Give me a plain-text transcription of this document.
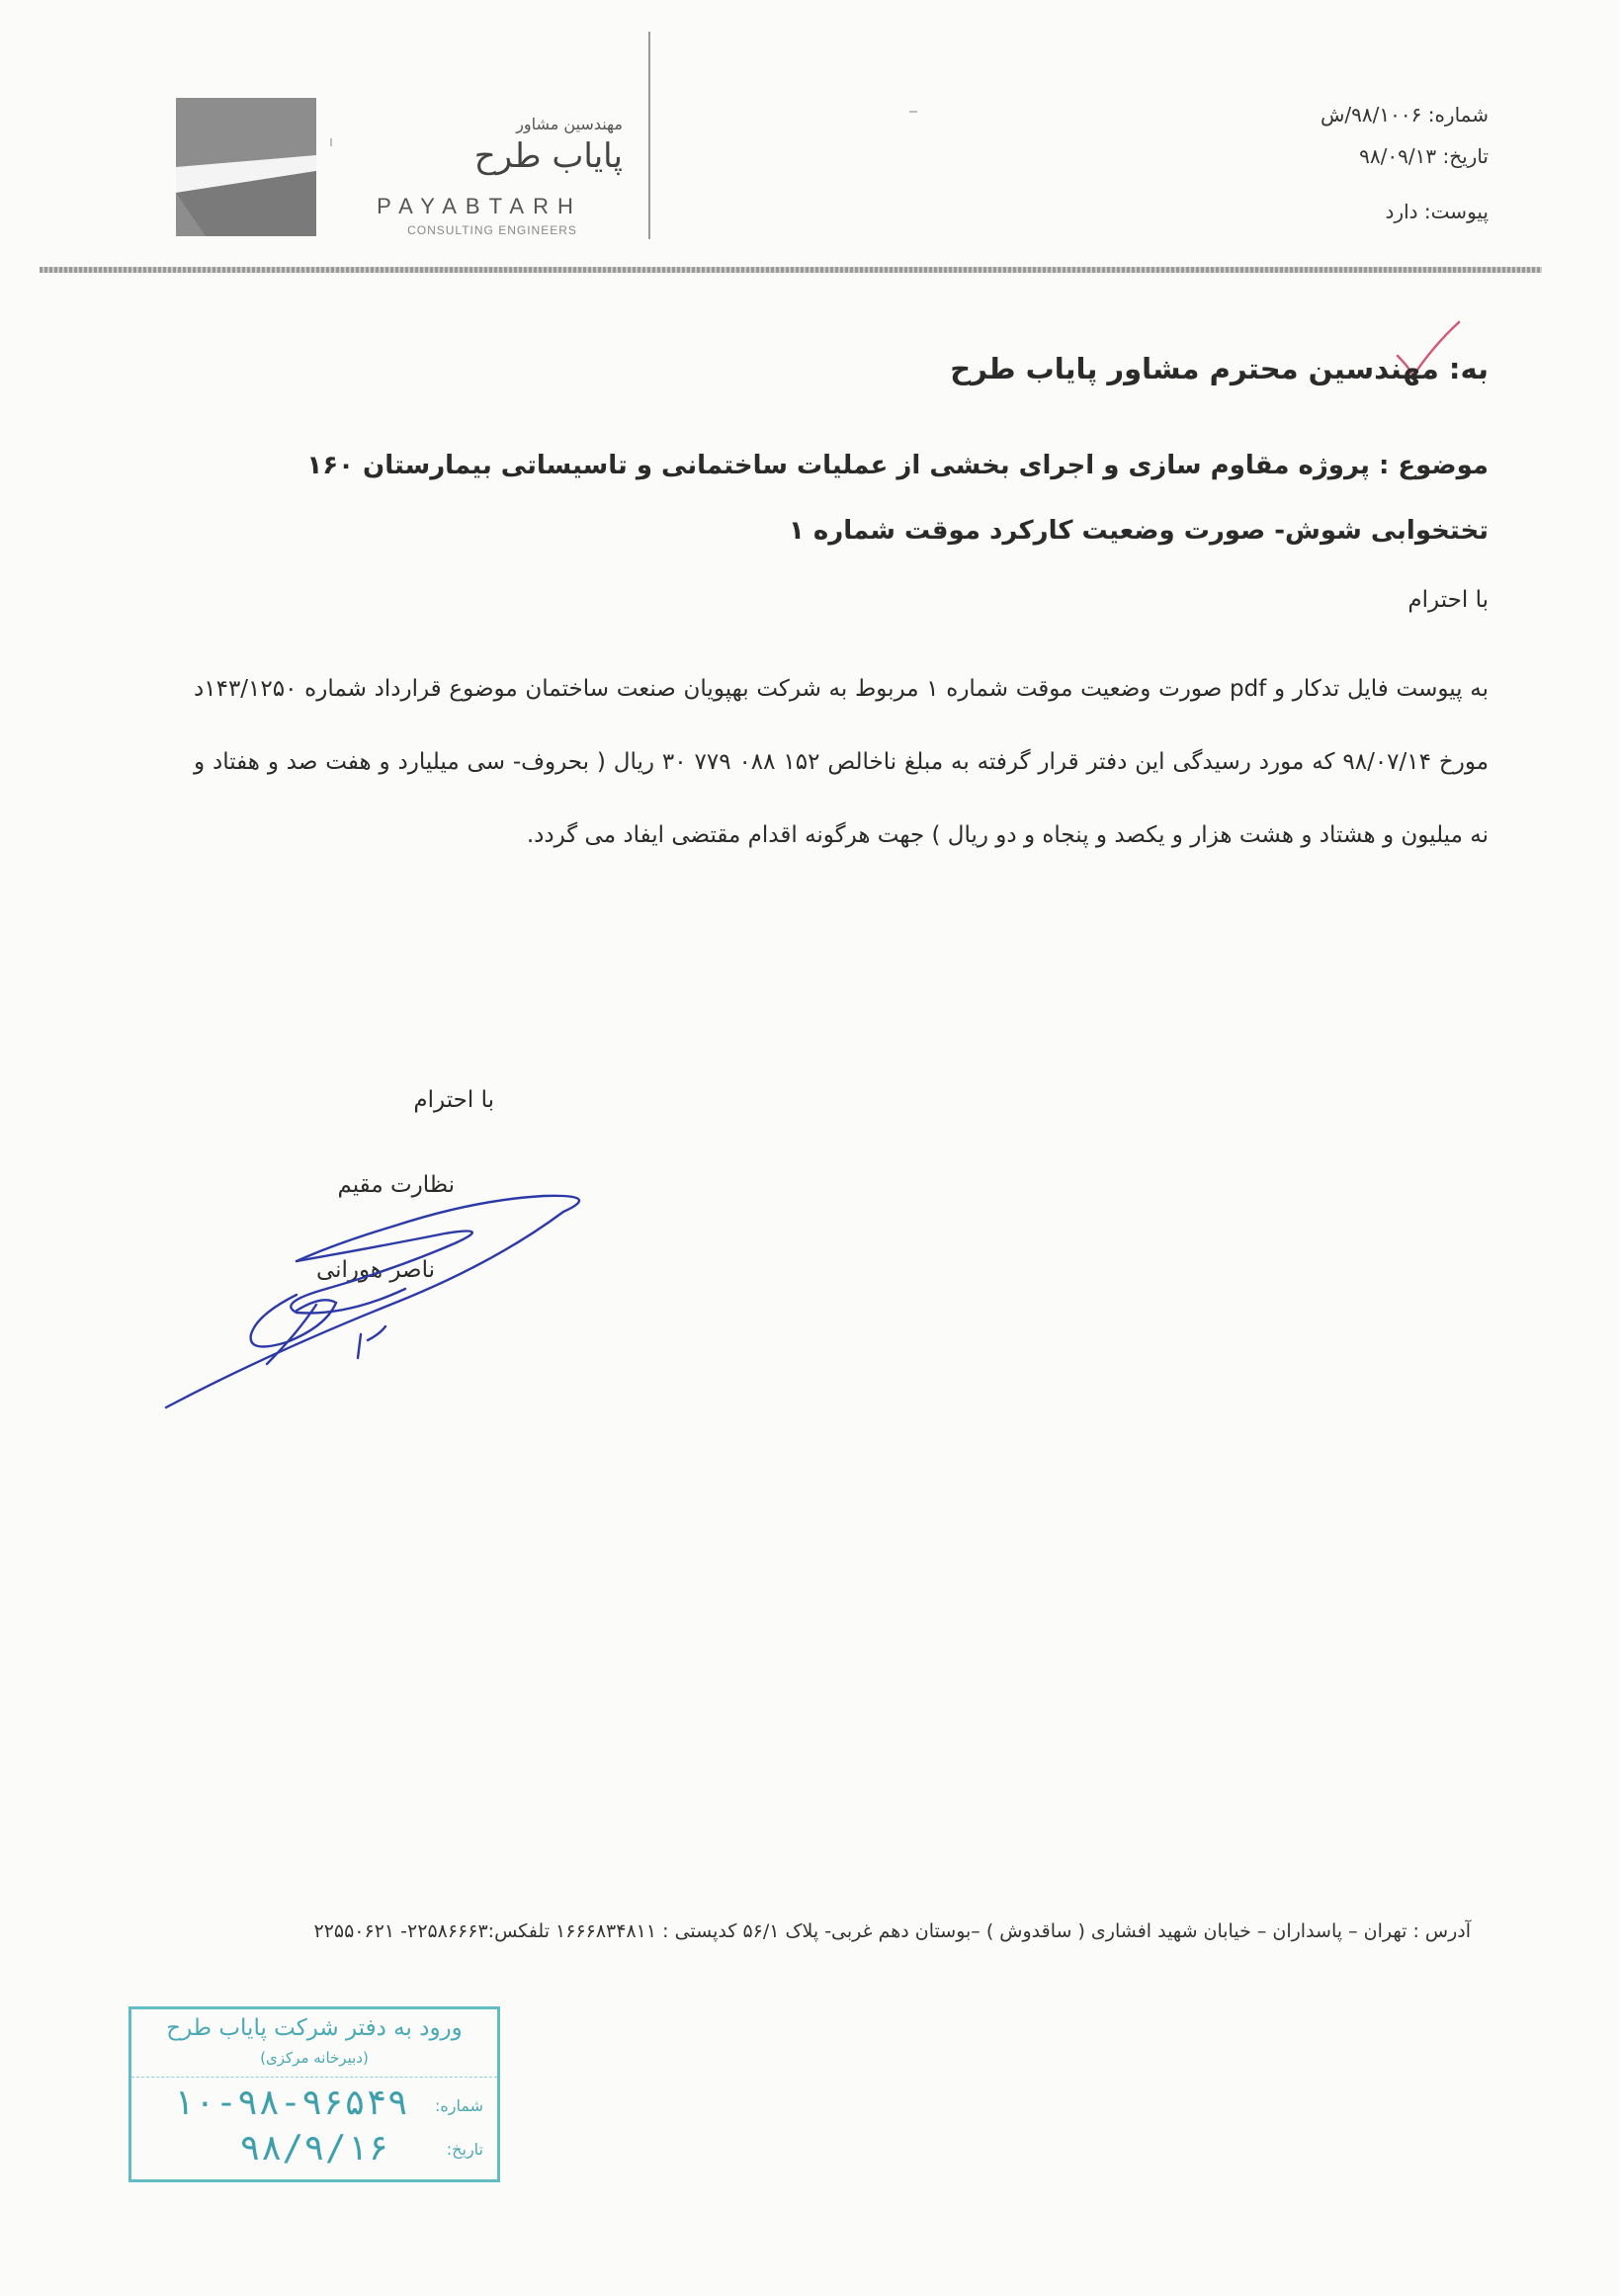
مهندسین مشاور
پایاب طرح
PAYABTARH
CONSULTING ENGINEERS
شماره: ۹۸/۱۰۰۶/ش
تاریخ: ۹۸/۰۹/۱۳
پیوست: دارد
به: مهندسین محترم مشاور پایاب طرح
موضوع : پروژه مقاوم سازی و اجرای بخشی از عملیات ساختمانی و تاسیساتی بیمارستان ۱۶۰ تختخوابی شوش- صورت وضعیت کارکرد موقت شماره ۱
با احترام
به پیوست فایل تدکار و pdf صورت وضعیت موقت شماره ۱ مربوط به شرکت بهپویان صنعت ساختمان موضوع قرارداد شماره ۱۴۳/۱۲۵۰د مورخ ۹۸/۰۷/۱۴ که مورد رسیدگی این دفتر قرار گرفته به مبلغ ناخالص ۱۵۲ ۰۸۸ ۷۷۹ ۳۰ ریال ( بحروف- سی میلیارد و هفت صد و هفتاد و نه میلیون و هشتاد و هشت هزار و یکصد و پنجاه و دو ریال ) جهت هرگونه اقدام مقتضی ایفاد می گردد.
با احترام
نظارت مقیم
ناصر هورانی
آدرس : تهران – پاسداران – خیابان شهید افشاری ( ساقدوش ) –بوستان دهم غربی- پلاک ۵۶/۱ کدپستی : ۱۶۶۶۸۳۴۸۱۱ تلفکس:۲۲۵۸۶۶۶۳- ۲۲۵۵۰۶۲۱
ورود به دفتر شرکت پایاب طرح
(دبیرخانه مرکزی)
شماره:
۱۰-۹۸-۹۶۵۴۹
تاریخ:
۹۸/۹/۱۶
